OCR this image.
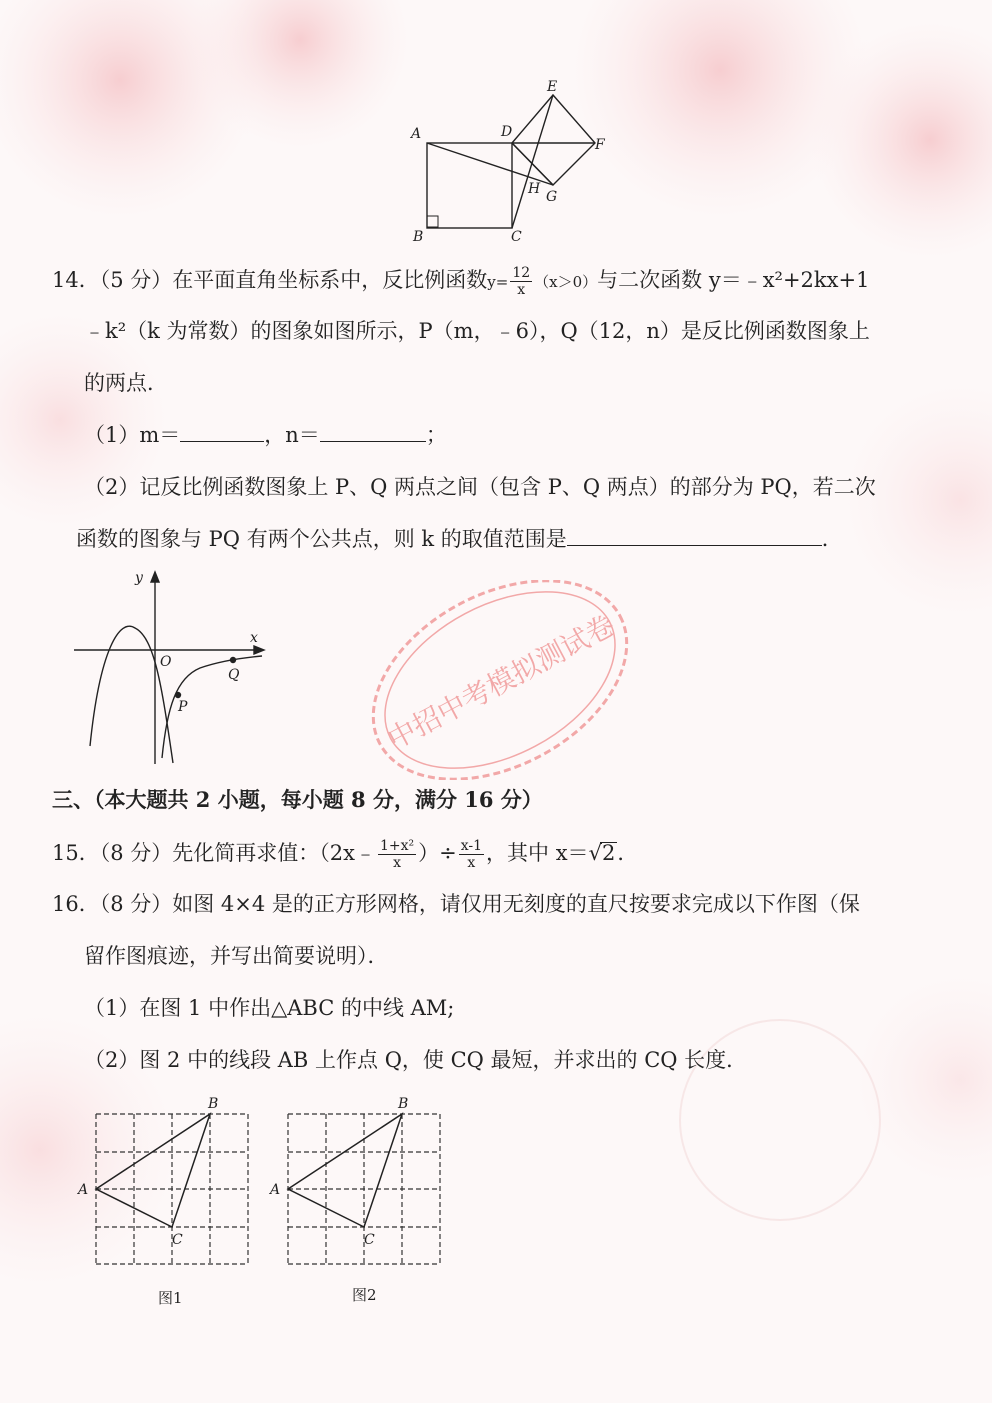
A	D
E
F
G
H
B	C
14．（5 分）在平面直角坐标系中，反比例函数$y= \frac{12}{x} (x>0)$与二次函数 y＝﹣x²+2kx+1
﹣k²（k 为常数）的图象如图所示，P（m，﹣6），Q（12，n）是反比例函数图象上
的两点．
（1）m＝	，n＝	；
（2）记反比例函数图象上 P、Q 两点之间（包含 P、Q 两点）的部分为 PQ，若二次
函数的图象与 PQ 有两个公共点，则 k 的取值范围是	．
y
x
O
Q
P	中招中考模拟测试卷
三、（本大题共 2 小题，每小题 8 分，满分 16 分）
15．（8 分）先化简再求值：（2x﹣ $\frac{\text{1+x²}}{x}$ ）÷ $\frac{x-1}{x}$ ，其中 x＝√2．
16．（8 分）如图 4×4 是的正方形网格，请仅用无刻度的直尺按要求完成以下作图（保
留作图痕迹，并写出简要说明）．
（1）在图 1 中作出△ABC 的中线 AM;
（2）图 2 中的线段 AB 上作点 Q，使 CQ 最短，并求出的 CQ 长度．
A
B
C
图1
A
B
C
图2
